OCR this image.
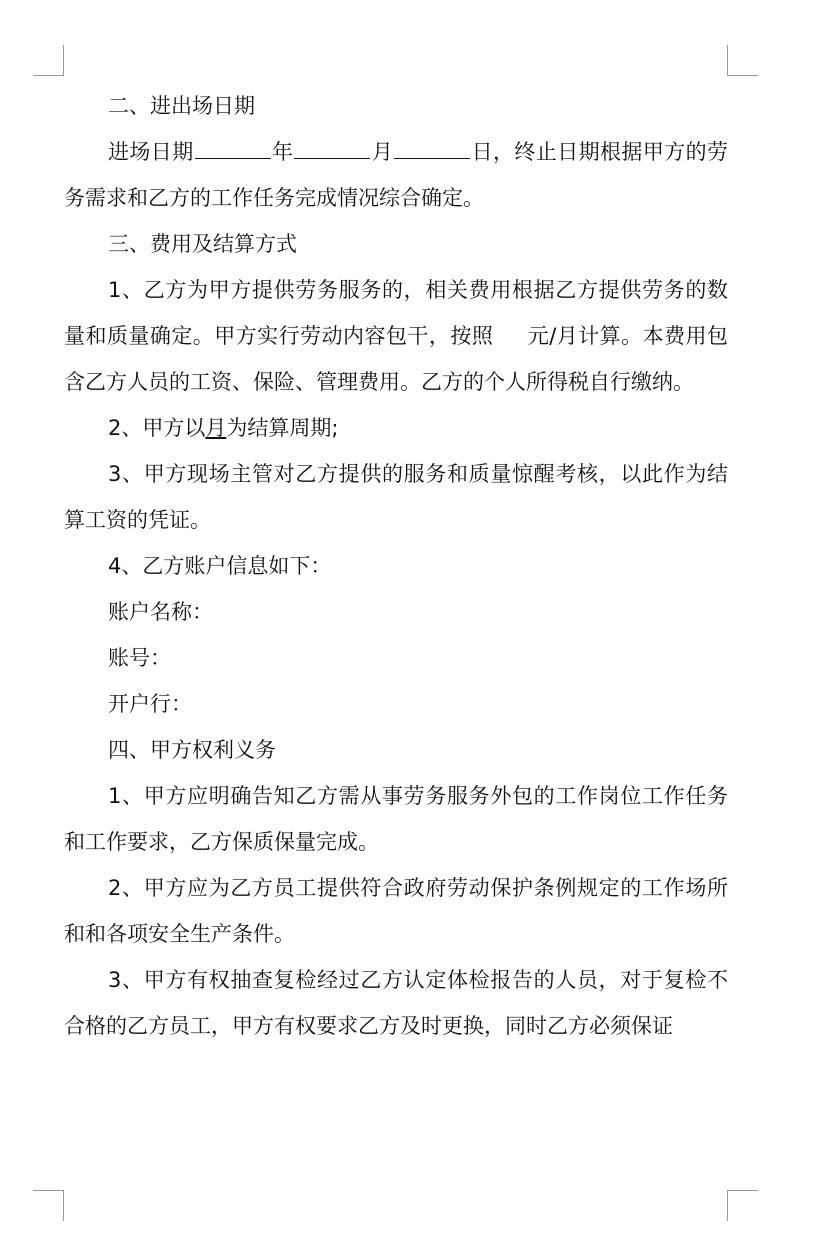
二、进出场日期

进场日期	年	月	日，终止日期根据甲方的劳务需求和乙方的工作任务完成情况综合确定。

三、费用及结算方式

1、乙方为甲方提供劳务服务的，相关费用根据乙方提供劳务的数量和质量确定。甲方实行劳动内容包干，按照 元/月计算。本费用包含乙方人员的工资、保险、管理费用。乙方的个人所得税自行缴纳。

2、甲方以月为结算周期;

3、甲方现场主管对乙方提供的服务和质量惊醒考核，以此作为结算工资的凭证。

4、乙方账户信息如下：

账户名称：

账号：

开户行：

四、甲方权利义务

1、甲方应明确告知乙方需从事劳务服务外包的工作岗位工作任务和工作要求，乙方保质保量完成。

2、甲方应为乙方员工提供符合政府劳动保护条例规定的工作场所和和各项安全生产条件。

3、甲方有权抽查复检经过乙方认定体检报告的人员，对于复检不合格的乙方员工，甲方有权要求乙方及时更换，同时乙方必须保证
